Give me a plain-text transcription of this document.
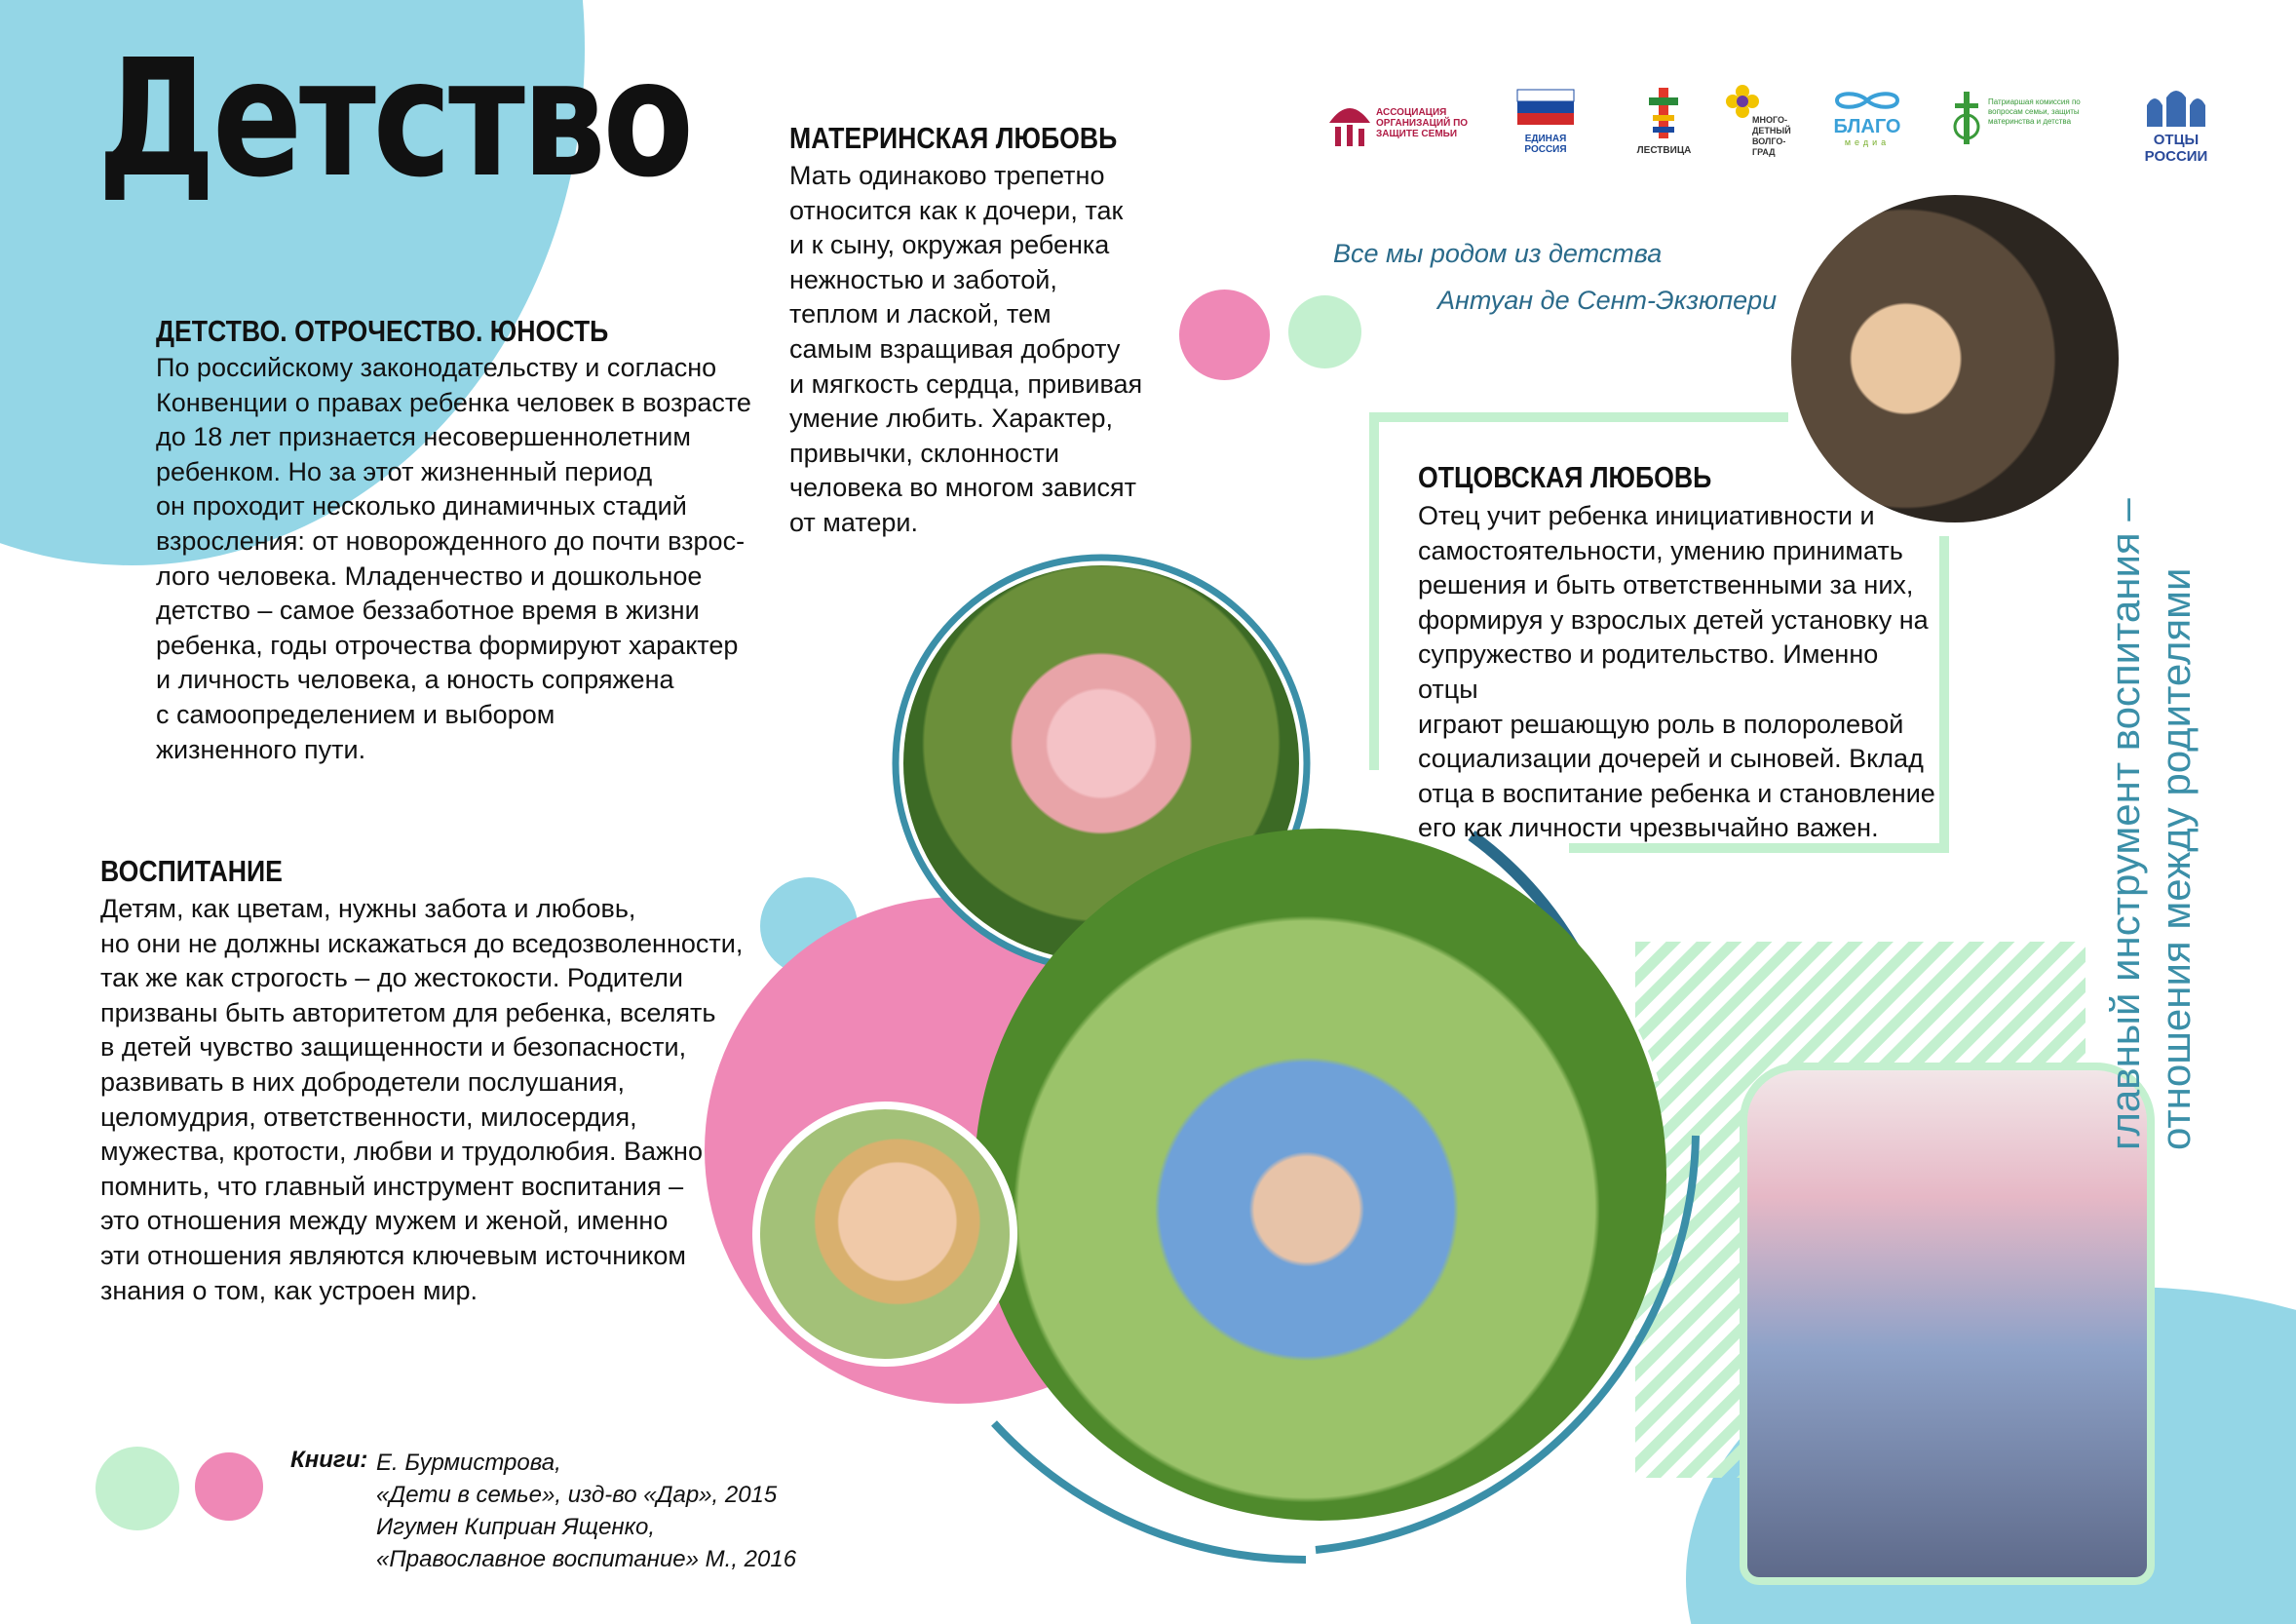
Детство	АССОЦИАЦИЯ ОРГАНИЗАЦИЙ ПО ЗАЩИТЕ СЕМЬИ	ЕДИНАЯ РОССИЯ	ЛЕСТВИЦА
МНОГО-ДЕТНЫЙ ВОЛГО-ГРАД
БЛАГО
медиа
Патриаршая комиссия по вопросам семьи, защиты материнства и детства
ОТЦЫ РОССИИ
Все мы родом из детства
Антуан де Сент-Экзюпери
ДЕТСТВО. ОТРОЧЕСТВО. ЮНОСТЬ
По российскому законодательству и согласно
Конвенции о правах ребенка человек в возрасте
до 18 лет признается несовершеннолетним
ребенком. Но за этот жизненный период
он проходит несколько динамичных стадий
взросления: от новорожденного до почти взрос-
лого человека. Младенчество и дошкольное
детство – самое беззаботное время в жизни
ребенка, годы отрочества формируют характер
и личность человека, а юность сопряжена
с самоопределением и выбором
жизненного пути.
МАТЕРИНСКАЯ ЛЮБОВЬ
Мать одинаково трепетно
относится как к дочери, так
и к сыну, окружая ребенка
нежностью и заботой,
теплом и лаской, тем
самым взращивая доброту
и мягкость сердца, прививая
умение любить. Характер,
привычки, склонности
человека во многом зависят
от матери.
ОТЦОВСКАЯ ЛЮБОВЬ
Отец учит ребенка инициативности и
самостоятельности, умению принимать
решения и быть ответственными за них,
формируя у взрослых детей установку на
супружество и родительство. Именно отцы
играют решающую роль в полоролевой
социализации дочерей и сыновей. Вклад
отца в воспитание ребенка и становление
его как личности чрезвычайно важен.
ВОСПИТАНИЕ
Детям, как цветам, нужны забота и любовь,
но они не должны искажаться до вседозволенности,
так же как строгость – до жестокости. Родители
призваны быть авторитетом для ребенка, вселять
в детей чувство защищенности и безопасности,
развивать в них добродетели послушания,
целомудрия, ответственности, милосердия,
мужества, кротости, любви и трудолюбия. Важно
помнить, что главный инструмент воспитания –
это отношения между мужем и женой, именно
эти отношения являются ключевым источником
знания о том, как устроен мир.
главный инструмент воспитания –
отношения между родителями
Книги: Е. Бурмистрова,
«Дети в семье», изд-во «Дар», 2015
Игумен Киприан Ященко,
«Православное воспитание» М., 2016
